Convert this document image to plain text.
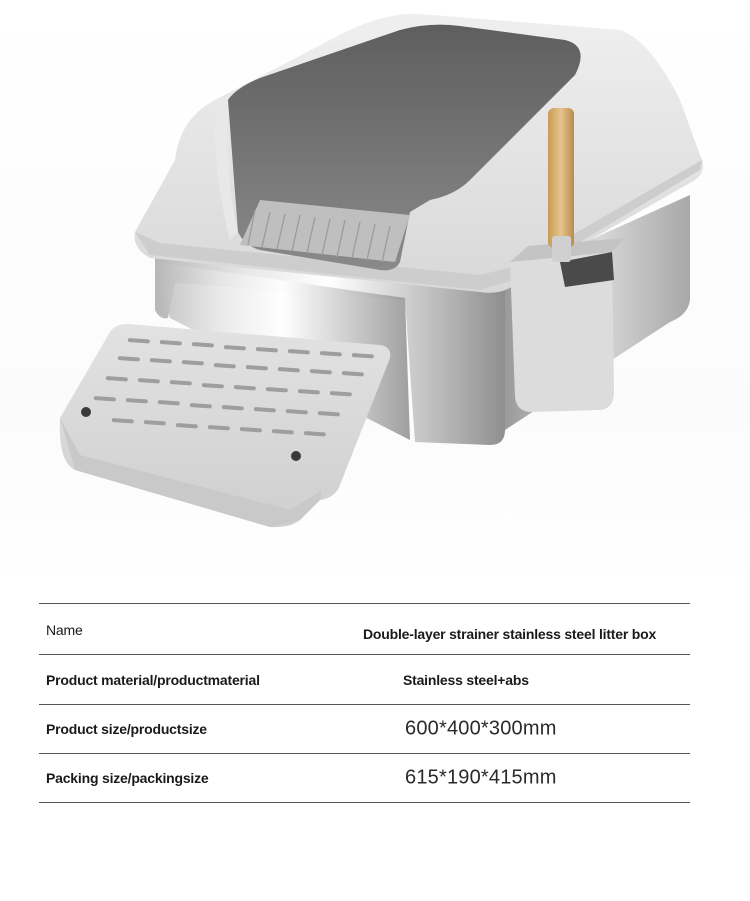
Name	Double-layer strainer stainless steel litter box
Product material/productmaterial	Stainless steel+abs
Product size/productsize	600*400*300mm
Packing size/packingsize	615*190*415mm
